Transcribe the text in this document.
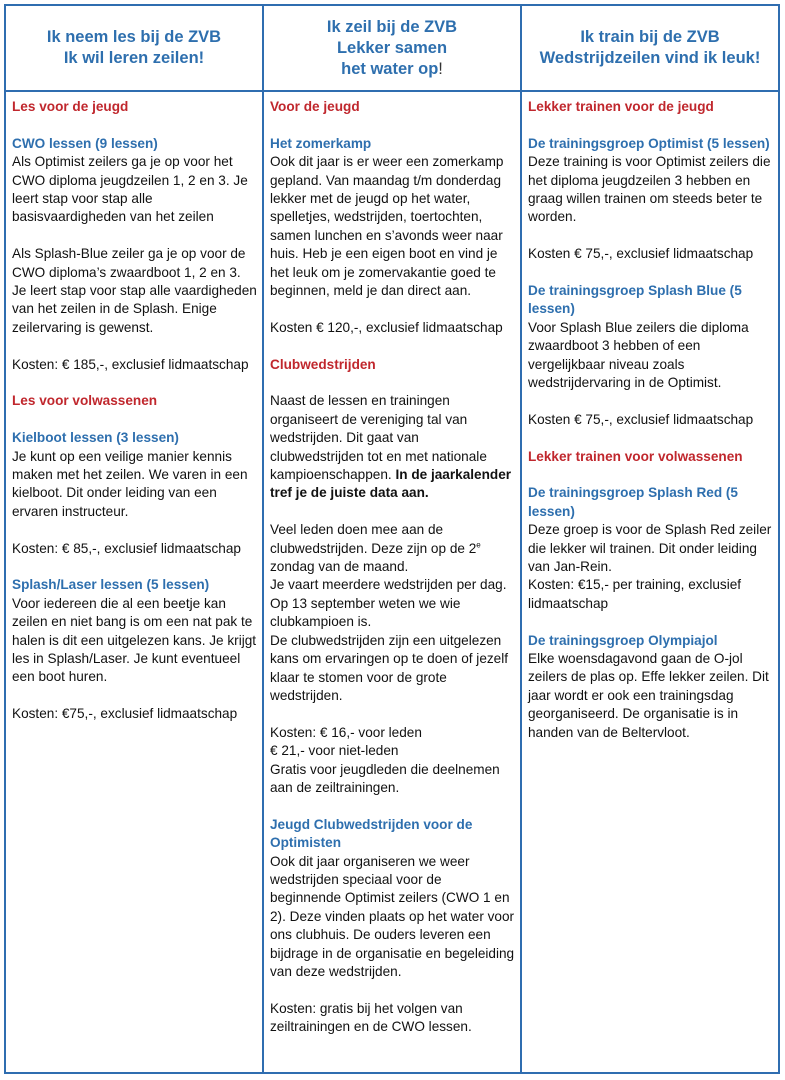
Ik neem les bij de ZVB
Ik wil leren zeilen!
Ik zeil bij de ZVB
Lekker samen
het water op!
Ik train bij de ZVB
Wedstrijdzeilen vind ik leuk!

Les voor de jeugd

CWO lessen (9 lessen)

Als Optimist zeilers ga je op voor het CWO diploma jeugdzeilen 1, 2 en 3. Je leert stap voor stap alle basisvaardigheden van het zeilen

Als Splash-Blue zeiler ga je op voor de CWO diploma’s zwaardboot 1, 2 en 3. Je leert stap voor stap alle vaardigheden van het zeilen in de Splash. Enige zeilervaring is gewenst.

Kosten: € 185,-, exclusief lidmaatschap

Les voor volwassenen

Kielboot lessen (3 lessen)

Je kunt op een veilige manier kennis maken met het zeilen. We varen in een kielboot. Dit onder leiding van een ervaren instructeur.

Kosten: € 85,-, exclusief lidmaatschap

Splash/Laser lessen (5 lessen)

Voor iedereen die al een beetje kan zeilen en niet bang is om een nat pak te halen is dit een uitgelezen kans. Je krijgt les in Splash/Laser. Je kunt eventueel een boot huren.

Kosten: €75,-, exclusief lidmaatschap

Voor de jeugd

Het zomerkamp

Ook dit jaar is er weer een zomerkamp gepland. Van maandag t/m donderdag lekker met de jeugd op het water, spelletjes, wedstrijden, toertochten, samen lunchen en s’avonds weer naar huis. Heb je een eigen boot en vind je het leuk om je zomervakantie goed te beginnen, meld je dan direct aan.

Kosten € 120,-, exclusief lidmaatschap

Clubwedstrijden

Naast de lessen en trainingen organiseert de vereniging tal van wedstrijden. Dit gaat van clubwedstrijden tot en met nationale kampioenschappen. In de jaarkalender tref je de juiste data aan.

Veel leden doen mee aan de clubwedstrijden. Deze zijn op de 2e zondag van de maand.
Je vaart meerdere wedstrijden per dag. Op 13 september weten we wie clubkampioen is.

De clubwedstrijden zijn een uitgelezen kans om ervaringen op te doen of jezelf klaar te stomen voor de grote wedstrijden.

Kosten: € 16,- voor leden
€ 21,- voor niet-leden

Gratis voor jeugdleden die deelnemen aan de zeiltrainingen.

Jeugd Clubwedstrijden voor de Optimisten

Ook dit jaar organiseren we weer wedstrijden speciaal voor de beginnende Optimist zeilers (CWO 1 en 2). Deze vinden plaats op het water voor ons clubhuis. De ouders leveren een bijdrage in de organisatie en begeleiding van deze wedstrijden.

Kosten: gratis bij het volgen van zeiltrainingen en de CWO lessen.

Lekker trainen voor de jeugd

De trainingsgroep Optimist (5 lessen)

Deze training is voor Optimist zeilers die het diploma jeugdzeilen 3 hebben en graag willen trainen om steeds beter te worden.

Kosten € 75,-, exclusief lidmaatschap

De trainingsgroep Splash Blue (5 lessen)

Voor Splash Blue zeilers die diploma zwaardboot 3 hebben of een vergelijkbaar niveau zoals wedstrijdervaring in de Optimist.

Kosten € 75,-, exclusief lidmaatschap

Lekker trainen voor volwassenen

De trainingsgroep Splash Red (5 lessen)
Deze groep is voor de Splash Red zeiler die lekker wil trainen. Dit onder leiding van Jan-Rein.

Kosten: €15,- per training, exclusief lidmaatschap

De trainingsgroep Olympiajol

Elke woensdagavond gaan de O-jol zeilers de plas op. Effe lekker zeilen. Dit jaar wordt er ook een trainingsdag georganiseerd. De organisatie is in handen van de Beltervloot.
